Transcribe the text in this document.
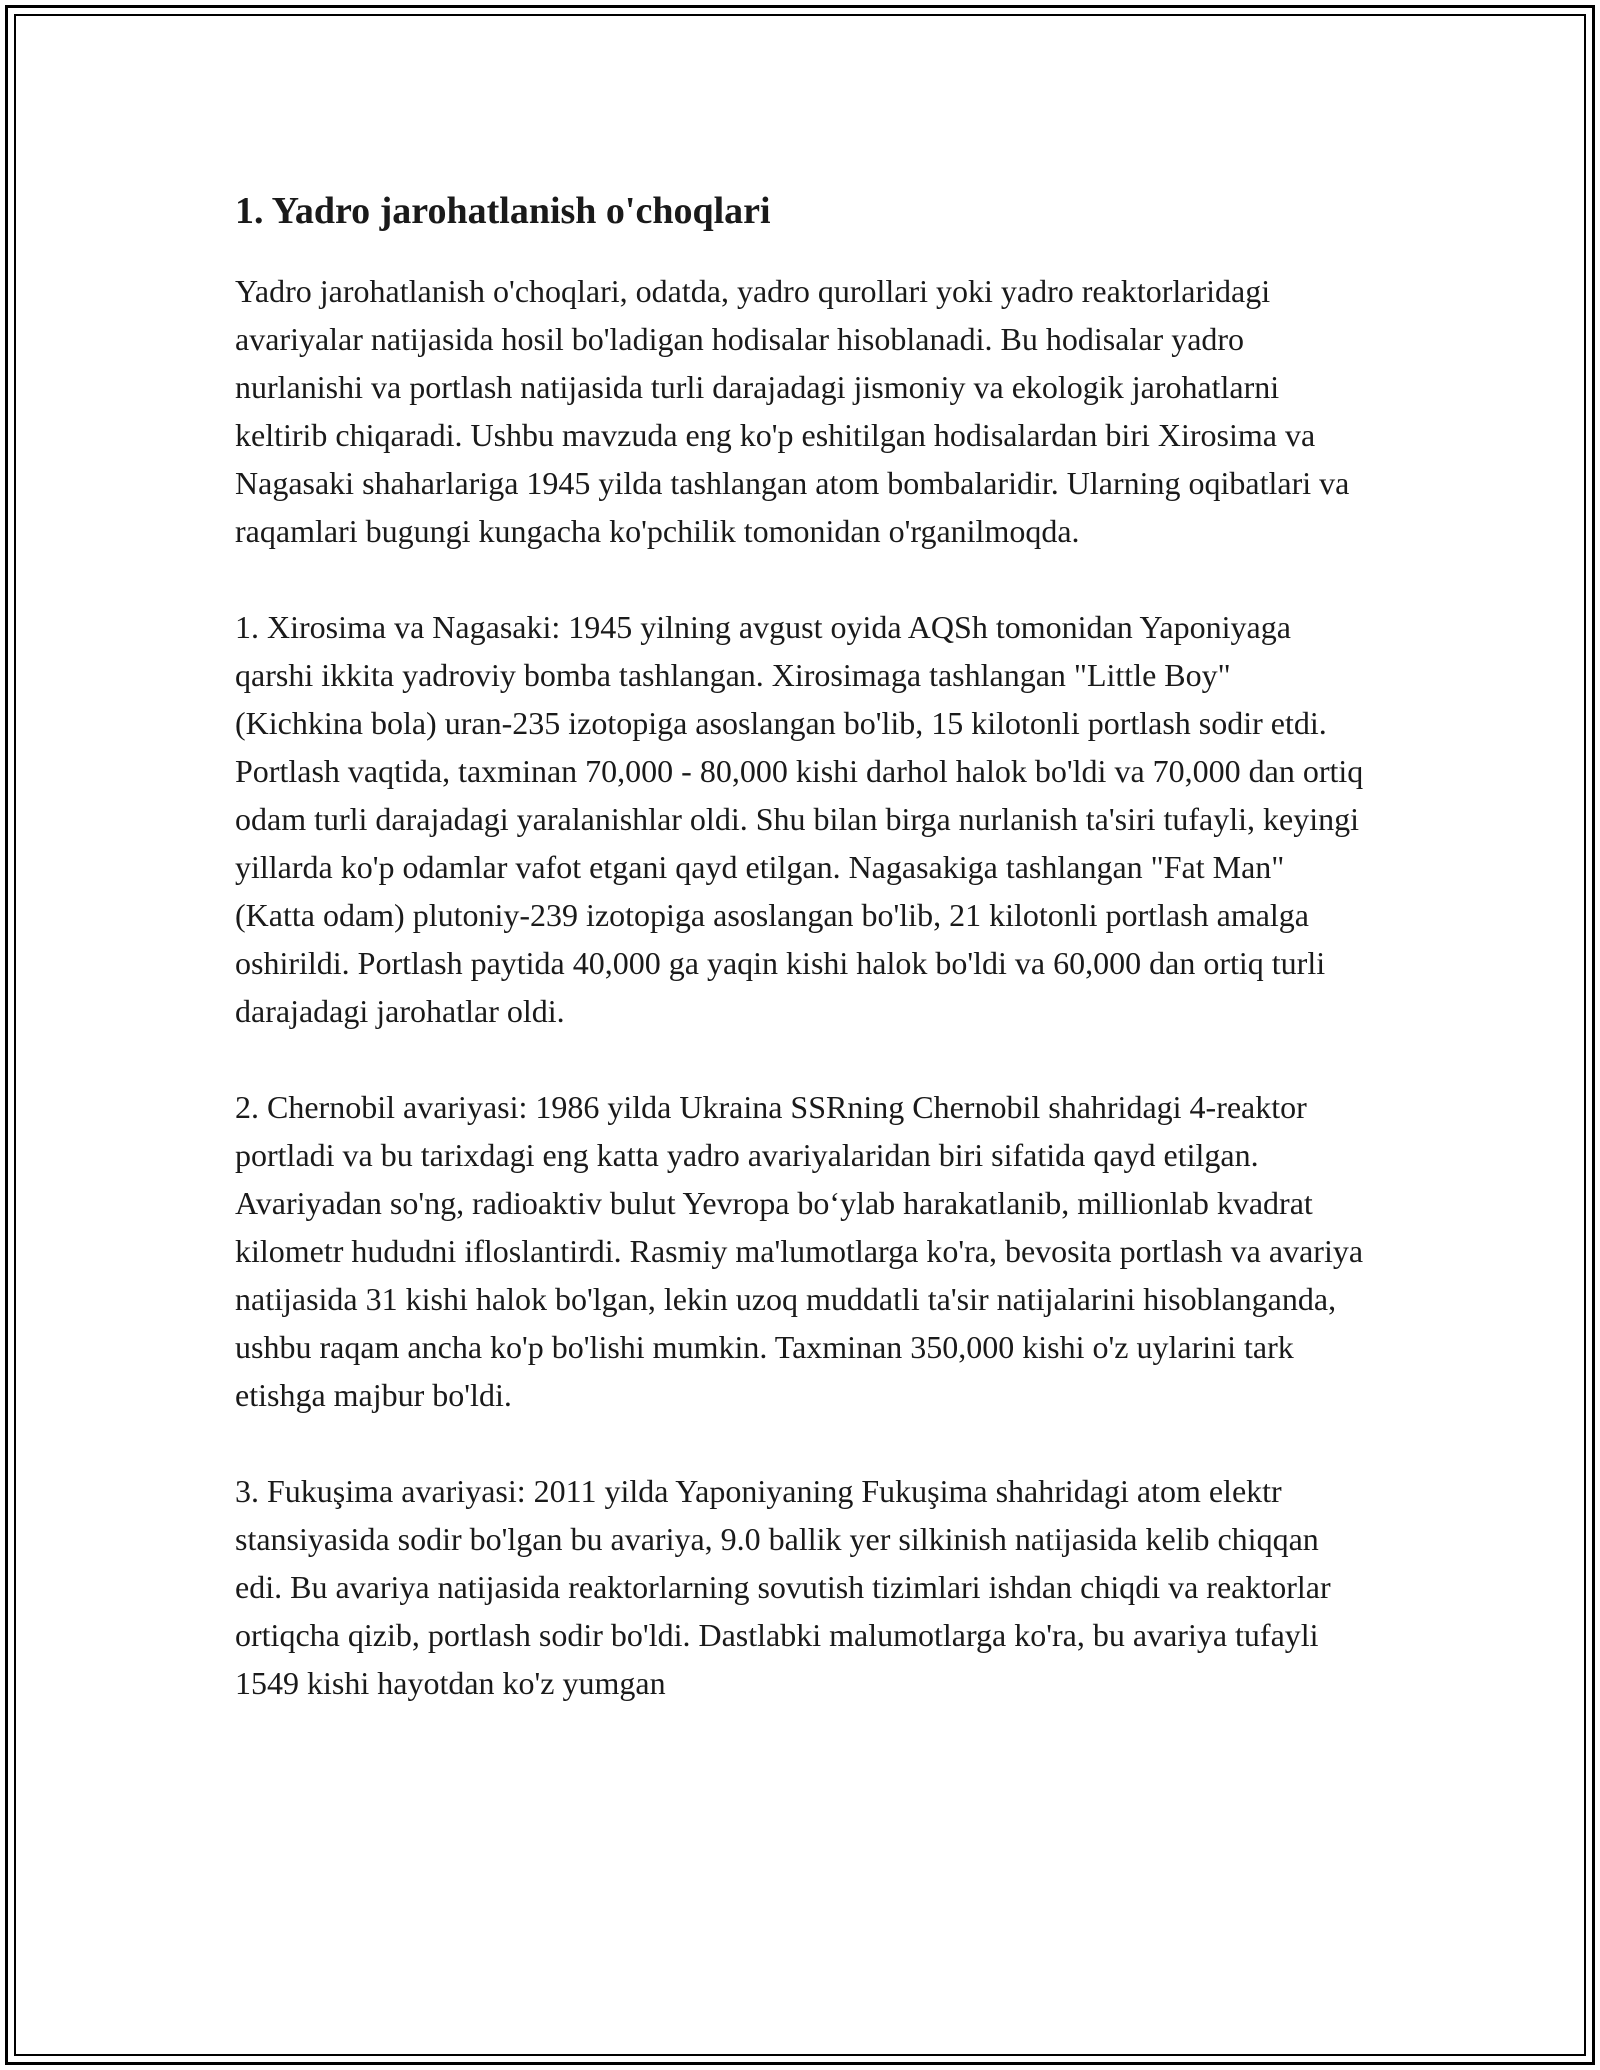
1. Yadro jarohatlanish o'choqlari

Yadro jarohatlanish o'choqlari, odatda, yadro qurollari yoki yadro reaktorlaridagi avariyalar natijasida hosil bo'ladigan hodisalar hisoblanadi. Bu hodisalar yadro nurlanishi va portlash natijasida turli darajadagi jismoniy va ekologik jarohatlarni keltirib chiqaradi. Ushbu mavzuda eng ko'p eshitilgan hodisalardan biri Xirosima va Nagasaki shaharlariga 1945 yilda tashlangan atom bombalaridir. Ularning oqibatlari va raqamlari bugungi kungacha ko'pchilik tomonidan o'rganilmoqda.

1. Xirosima va Nagasaki: 1945 yilning avgust oyida AQSh tomonidan Yaponiyaga qarshi ikkita yadroviy bomba tashlangan. Xirosimaga tashlangan "Little Boy" (Kichkina bola) uran-235 izotopiga asoslangan bo'lib, 15 kilotonli portlash sodir etdi. Portlash vaqtida, taxminan 70,000 - 80,000 kishi darhol halok bo'ldi va 70,000 dan ortiq odam turli darajadagi yaralanishlar oldi. Shu bilan birga nurlanish ta'siri tufayli, keyingi yillarda ko'p odamlar vafot etgani qayd etilgan. Nagasakiga tashlangan "Fat Man" (Katta odam) plutoniy-239 izotopiga asoslangan bo'lib, 21 kilotonli portlash amalga oshirildi. Portlash paytida 40,000 ga yaqin kishi halok bo'ldi va 60,000 dan ortiq turli darajadagi jarohatlar oldi.

2. Chernobil avariyasi: 1986 yilda Ukraina SSRning Chernobil shahridagi 4-reaktor portladi va bu tarixdagi eng katta yadro avariyalaridan biri sifatida qayd etilgan. Avariyadan so'ng, radioaktiv bulut Yevropa bo‘ylab harakatlanib, millionlab kvadrat kilometr hududni ifloslantirdi. Rasmiy ma'lumotlarga ko'ra, bevosita portlash va avariya natijasida 31 kishi halok bo'lgan, lekin uzoq muddatli ta'sir natijalarini hisoblanganda, ushbu raqam ancha ko'p bo'lishi mumkin. Taxminan 350,000 kishi o'z uylarini tark etishga majbur bo'ldi.

3. Fukuşima avariyasi: 2011 yilda Yaponiyaning Fukuşima shahridagi atom elektr stansiyasida sodir bo'lgan bu avariya, 9.0 ballik yer silkinish natijasida kelib chiqqan edi. Bu avariya natijasida reaktorlarning sovutish tizimlari ishdan chiqdi va reaktorlar ortiqcha qizib, portlash sodir bo'ldi. Dastlabki malumotlarga ko'ra, bu avariya tufayli 1549 kishi hayotdan ko'z yumgan
